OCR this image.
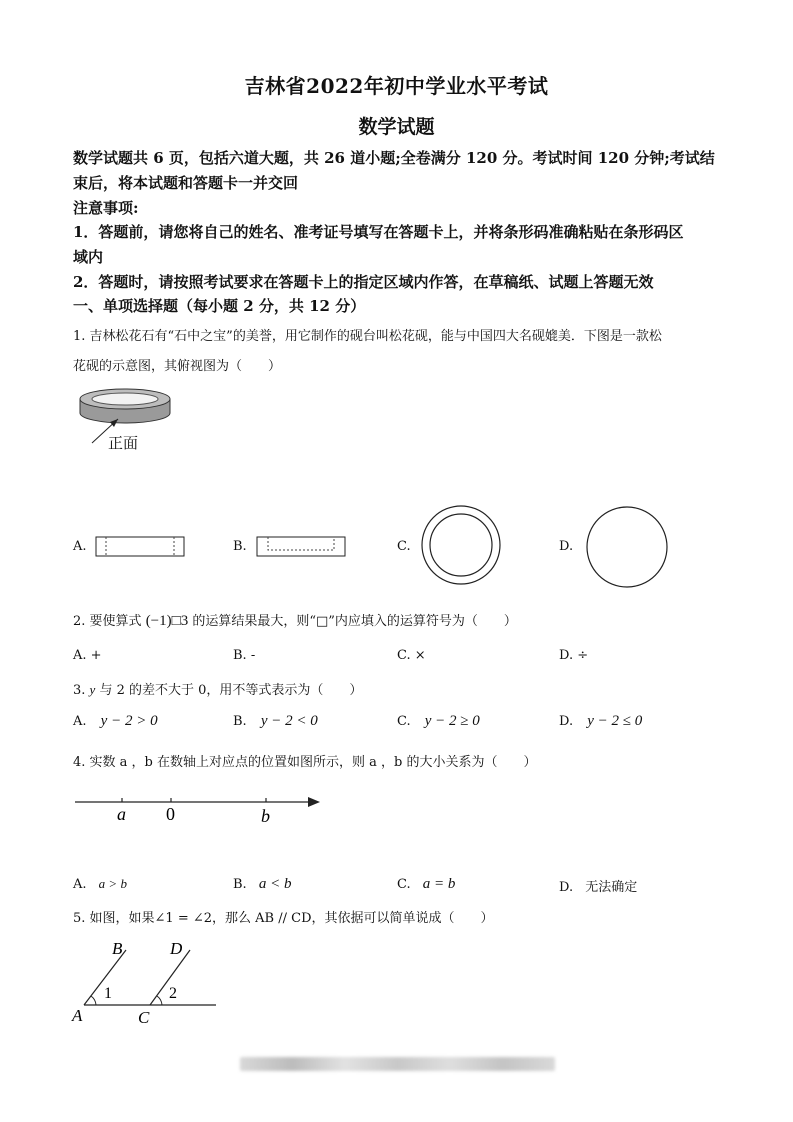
吉林省2022年初中学业水平考试
数学试题
数学试题共 6 页，包括六道大题，共 26 道小题;全卷满分 120 分。考试时间 120 分钟;考试结
束后，将本试题和答题卡一并交回
注意事项:
1．答题前，请您将自己的姓名、准考证号填写在答题卡上，并将条形码准确粘贴在条形码区
域内
2．答题时，请按照考试要求在答题卡上的指定区域内作答，在草稿纸、试题上答题无效
一、单项选择题（每小题 2 分，共 12 分）
1. 吉林松花石有“石中之宝”的美誉，用它制作的砚台叫松花砚，能与中国四大名砚媲美．下图是一款松
花砚的示意图，其俯视图为（　　）
正面
A.	B.	C.	D.
2. 要使算式 (−1)□3 的运算结果最大，则“□”内应填入的运算符号为（　　）
A. +	B. -	C. ×	D. ÷
3. y 与 2 的差不大于 0，用不等式表示为（　　）
A. y − 2 > 0	B. y − 2 < 0	C. y − 2 ≥ 0	D. y − 2 ≤ 0
4. 实数 a ，b 在数轴上对应点的位置如图所示，则 a ，b 的大小关系为（　　）
a 0	b
A. a > b	B. a < b	C. a = b	D. 无法确定
5. 如图，如果∠1 = ∠2，那么 AB // CD，其依据可以简单说成（　　）
B	D
1	2
A	C
